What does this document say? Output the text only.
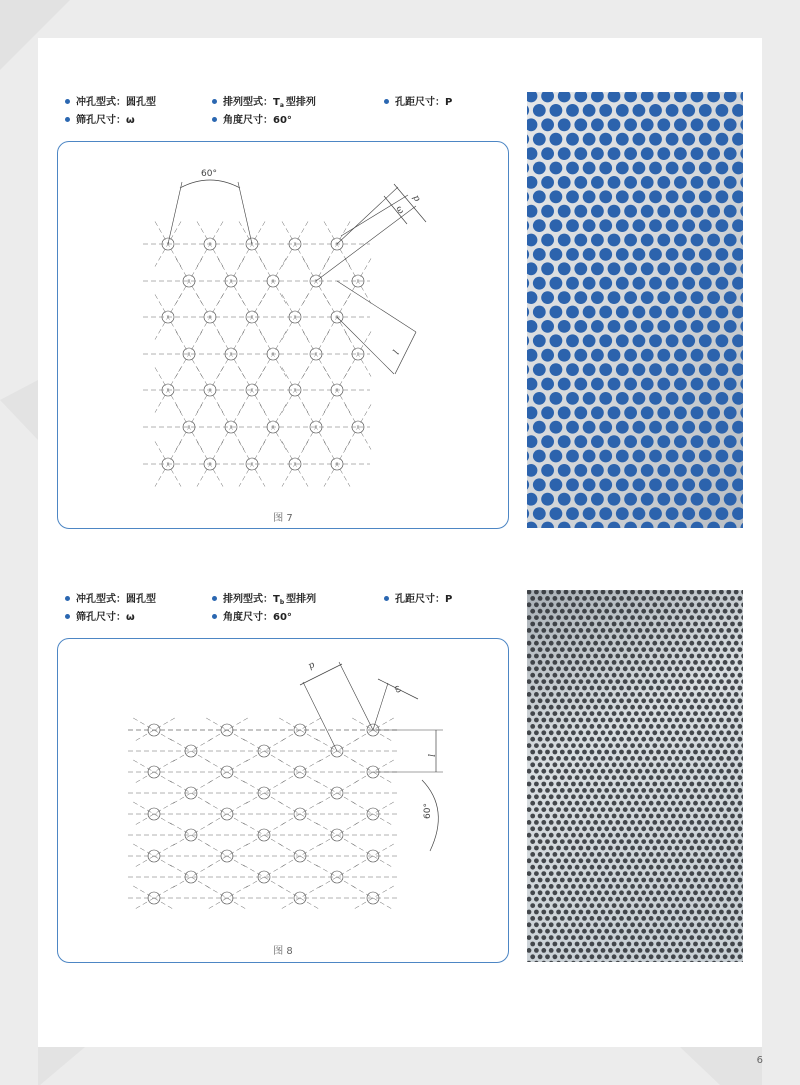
冲孔型式：圆孔型	排列型式：$T_a$ 型排列	孔距尺寸：P
筛孔尺寸：ω	角度尺寸：60°
60°
p
ω
l
图 7
冲孔型式：圆孔型	排列型式：$T_b$ 型排列	孔距尺寸：P
筛孔尺寸：ω	角度尺寸：60°
p
ω
l
60°
图 8
6
